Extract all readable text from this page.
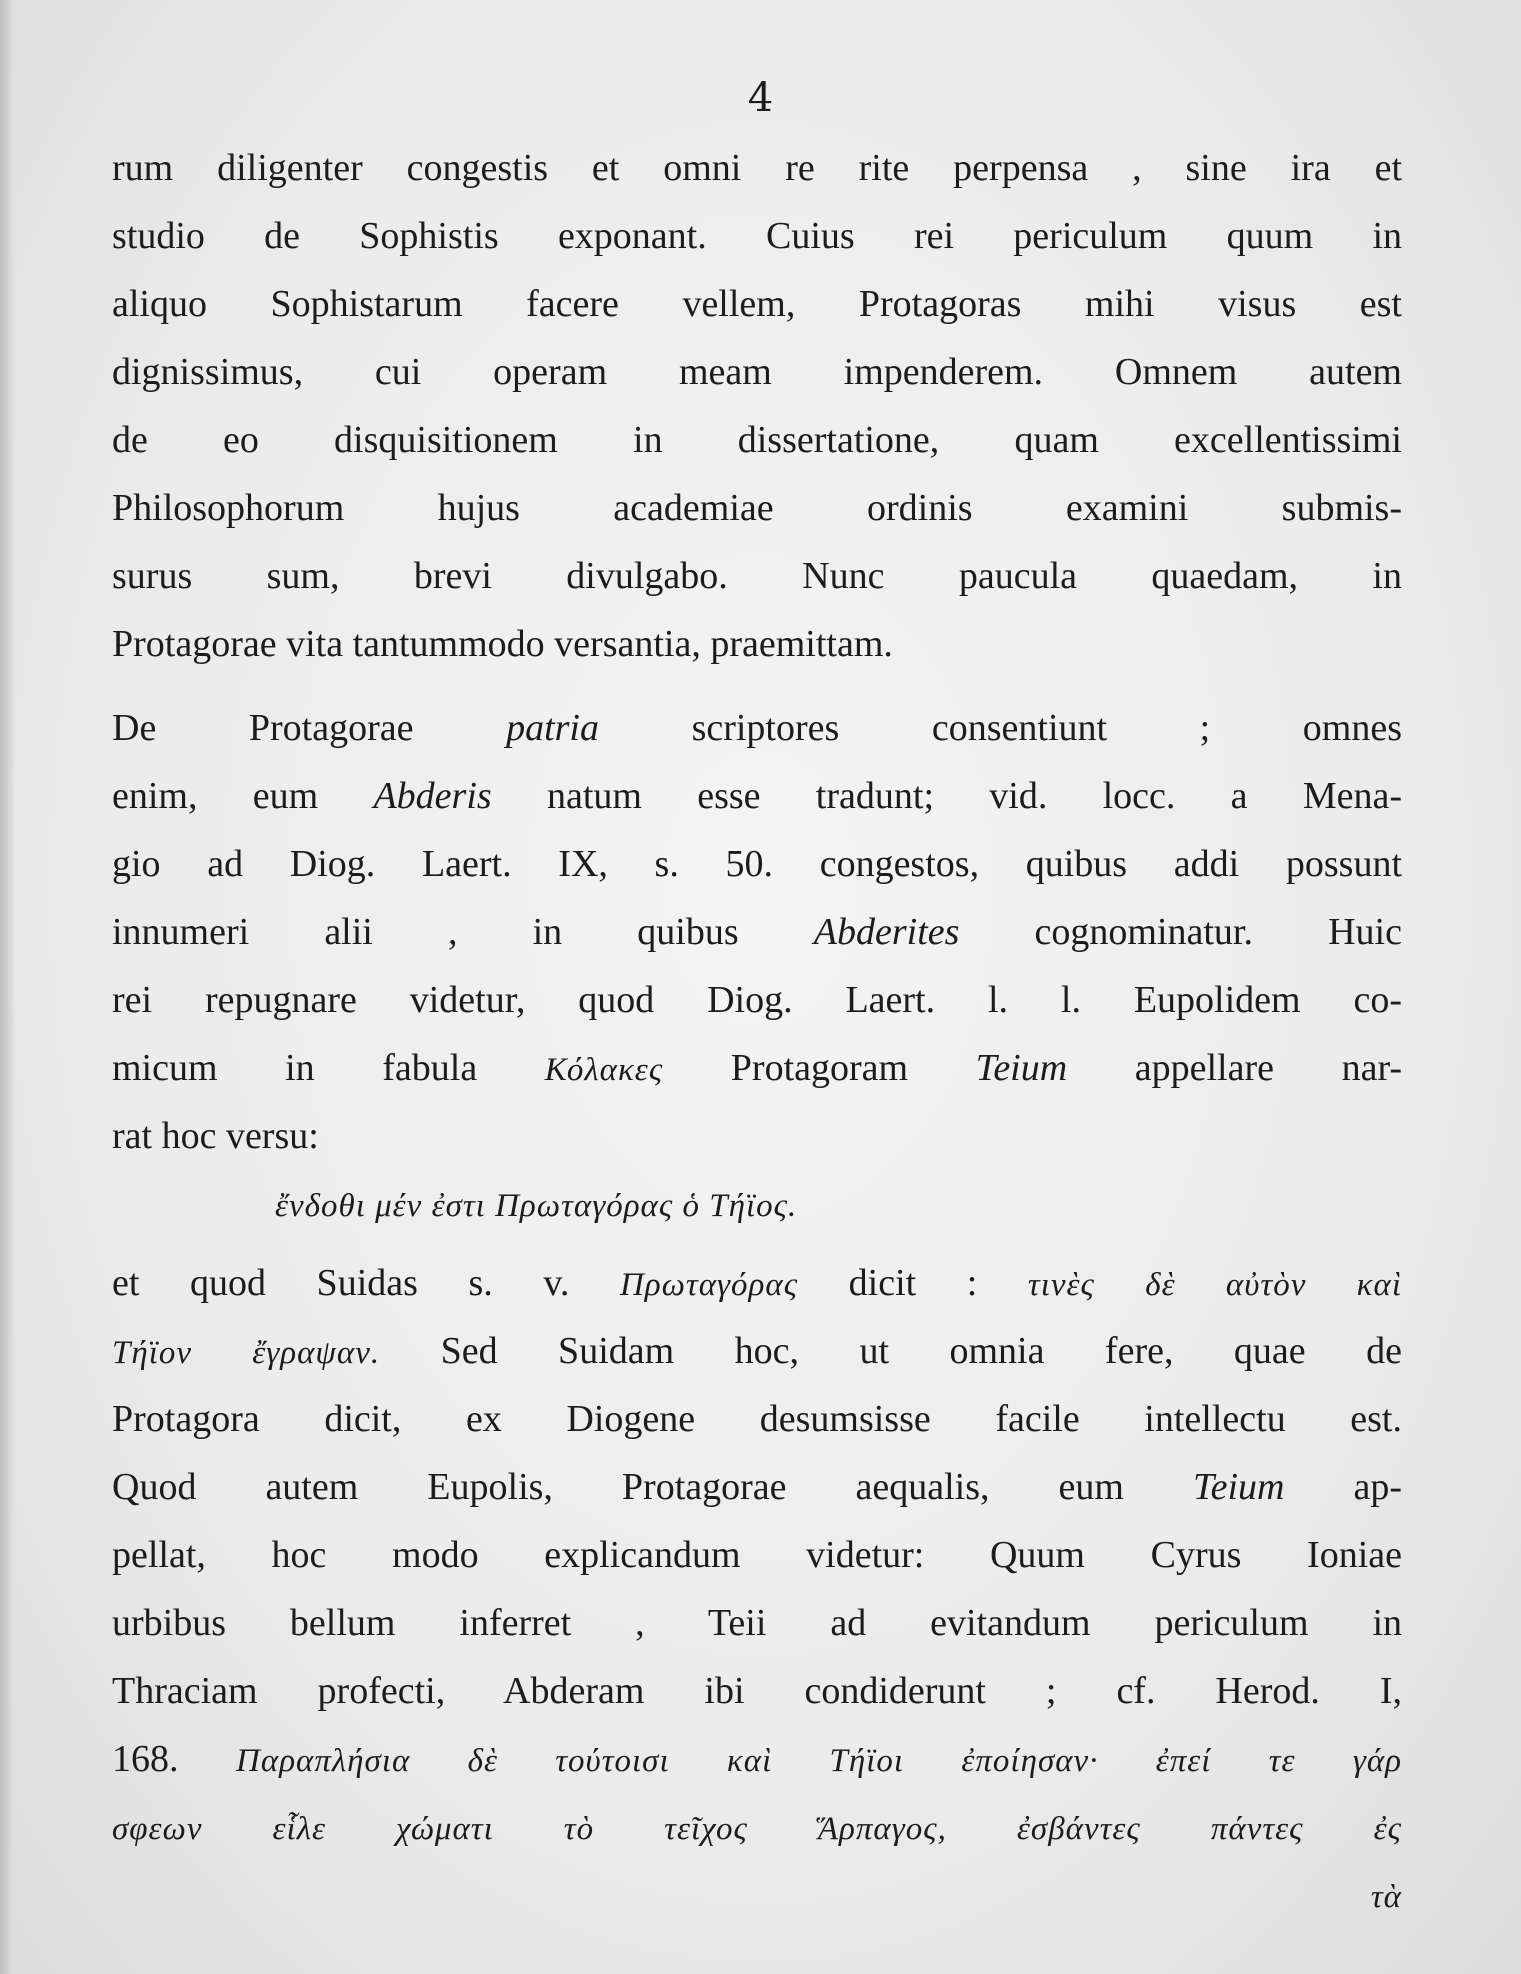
4
rum diligenter congestis et omni re rite perpensa , sine ira et
studio de Sophistis exponant. Cuius rei periculum quum in
aliquo Sophistarum facere vellem, Protagoras mihi visus est
dignissimus, cui operam meam impenderem. Omnem autem
de eo disquisitionem in dissertatione, quam excellentissimi
Philosophorum hujus academiae ordinis examini submis-
surus sum, brevi divulgabo. Nunc paucula quaedam, in
Protagorae vita tantummodo versantia, praemittam.
De Protagorae patria scriptores consentiunt ; omnes
enim, eum Abderis natum esse tradunt; vid. locc. a Mena-
gio ad Diog. Laert. IX, s. 50. congestos, quibus addi possunt
innumeri alii , in quibus Abderites cognominatur. Huic
rei repugnare videtur, quod Diog. Laert. l. l. Eupolidem co-
micum in fabula Κόλακες Protagoram Teium appellare nar-
rat hoc versu:
ἔνδοθι μέν ἐστι Πρωταγόρας ὁ Τήϊος.
et quod Suidas s. v. Πρωταγόρας dicit : τινὲς δὲ αὐτὸν καὶ
Τήϊον ἔγραψαν. Sed Suidam hoc, ut omnia fere, quae de
Protagora dicit, ex Diogene desumsisse facile intellectu est.
Quod autem Eupolis, Protagorae aequalis, eum Teium ap-
pellat, hoc modo explicandum videtur: Quum Cyrus Ioniae
urbibus bellum inferret , Teii ad evitandum periculum in
Thraciam profecti, Abderam ibi condiderunt ; cf. Herod. I,
168. Παραπλήσια δὲ τούτοισι καὶ Τήϊοι ἐποίησαν· ἐπεί τε γάρ
σφεων εἷλε χώματι τὸ τεῖχος Ἅρπαγος, ἐσβάντες πάντες ἐς
τὰ
